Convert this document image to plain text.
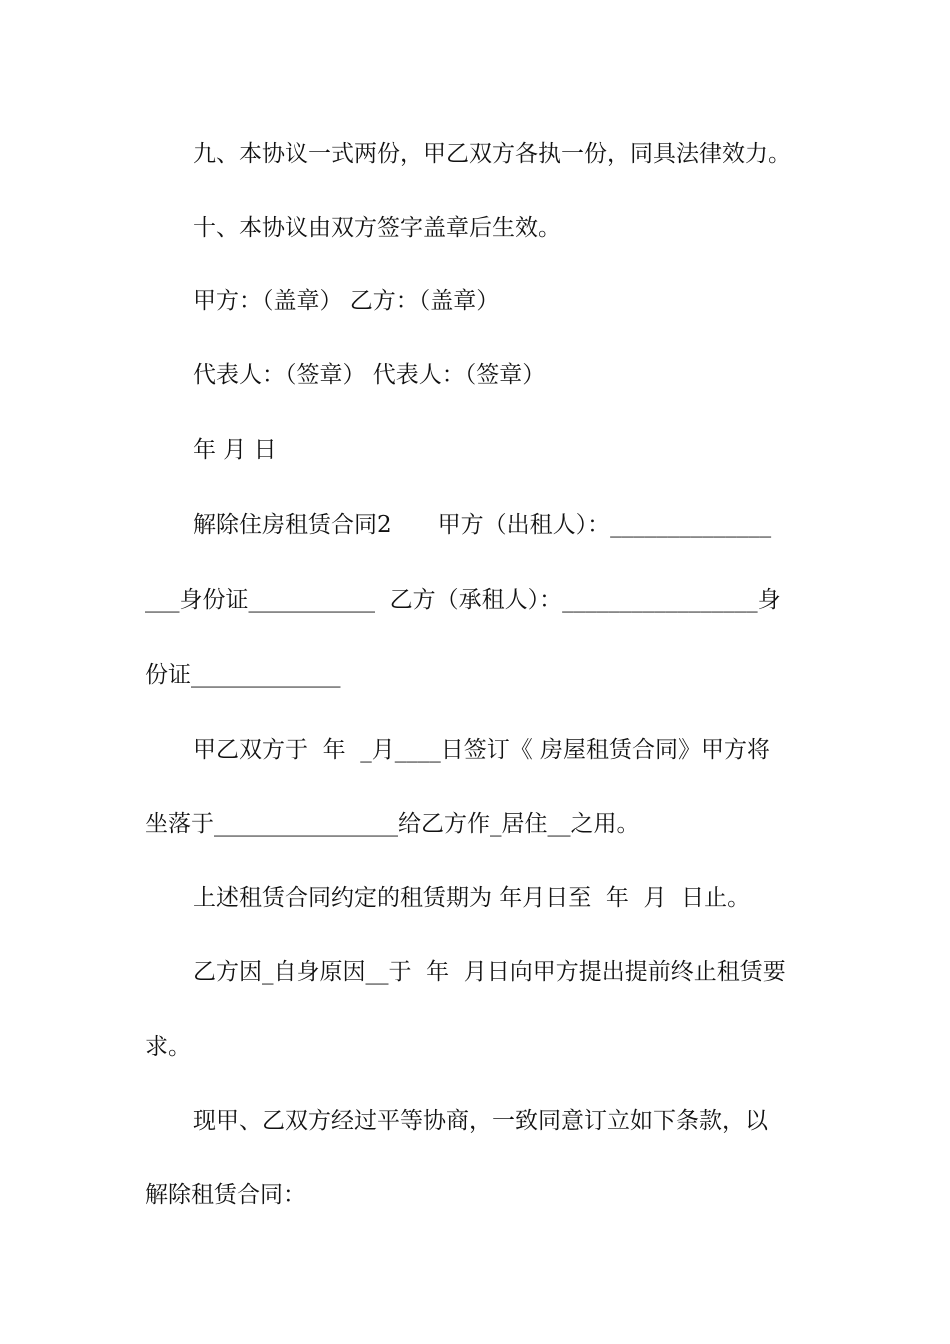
九、本协议一式两份，甲乙双方各执一份，同具法律效力。

十、本协议由双方签字盖章后生效。

甲方：（盖章） 乙方：（盖章）

代表人：（签章） 代表人：（签章）

年 月 日

解除住房租赁合同2　　甲方（出租人）：______________

___身份证___________  乙方（承租人）：_________________身

份证_____________

甲乙双方于  年  _月____日签订《 房屋租赁合同》甲方将

坐落于________________给乙方作_居住__之用。

上述租赁合同约定的租赁期为 年月日至  年  月  日止。

乙方因_自身原因__于  年  月日向甲方提出提前终止租赁要

求。

现甲、乙双方经过平等协商，一致同意订立如下条款，以

解除租赁合同：
